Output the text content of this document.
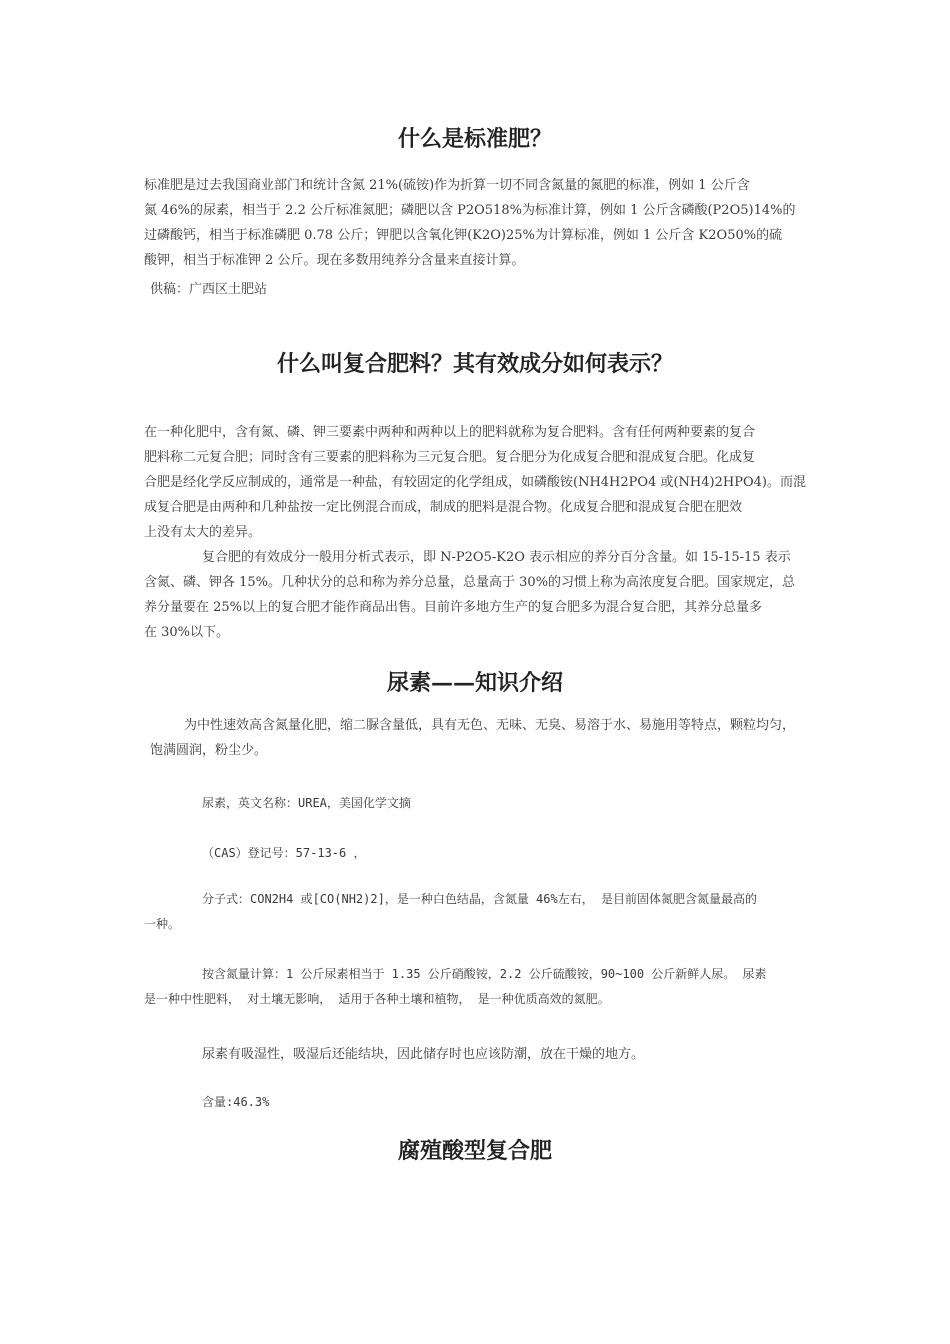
什么是标准肥？
标准肥是过去我国商业部门和统计含氮 21%(硫铵)作为折算一切不同含氮量的氮肥的标准，例如 1 公斤含
氮 46%的尿素，相当于 2.2 公斤标准氮肥；磷肥以含 P2O518%为标准计算，例如 1 公斤含磷酸(P2O5)14%的
过磷酸钙，相当于标准磷肥 0.78 公斤；钾肥以含氧化钾(K2O)25%为计算标准，例如 1 公斤含 K2O50%的硫
酸钾，相当于标准钾 2 公斤。现在多数用纯养分含量来直接计算。
供稿：广西区土肥站
什么叫复合肥料？其有效成分如何表示？
在一种化肥中，含有氮、磷、钾三要素中两种和两种以上的肥料就称为复合肥料。含有任何两种要素的复合
肥料称二元复合肥；同时含有三要素的肥料称为三元复合肥。复合肥分为化成复合肥和混成复合肥。化成复
合肥是经化学反应制成的，通常是一种盐，有较固定的化学组成，如磷酸铵(NH4H2PO4 或(NH4)2HPO4)。而混
成复合肥是由两种和几种盐按一定比例混合而成，制成的肥料是混合物。化成复合肥和混成复合肥在肥效
上没有太大的差异。
复合肥的有效成分一般用分析式表示，即 N-P2O5-K2O 表示相应的养分百分含量。如 15-15-15 表示
含氮、磷、钾各 15%。几种状分的总和称为养分总量，总量高于 30%的习惯上称为高浓度复合肥。国家规定，总
养分量要在 25%以上的复合肥才能作商品出售。目前许多地方生产的复合肥多为混合复合肥，其养分总量多
在 30%以下。
尿素——知识介绍
为中性速效高含氮量化肥，缩二脲含量低，具有无色、无味、无臭、易溶于水、易施用等特点，颗粒均匀，
饱满圆润，粉尘少。
尿素，英文名称：UREA，美国化学文摘
（CAS）登记号：57-13-6 ，
分子式：CON2H4 或[CO(NH2)2]，是一种白色结晶，含氮量 46%左右， 是目前固体氮肥含氮量最高的
一种。
按含氮量计算：1 公斤尿素相当于 1.35 公斤硝酸铵，2.2 公斤硫酸铵，90~100 公斤新鲜人尿。 尿素
是一种中性肥料， 对土壤无影响， 适用于各种土壤和植物， 是一种优质高效的氮肥。
尿素有吸湿性，吸湿后还能结块，因此储存时也应该防潮，放在干燥的地方。
含量:46.3%
腐殖酸型复合肥
